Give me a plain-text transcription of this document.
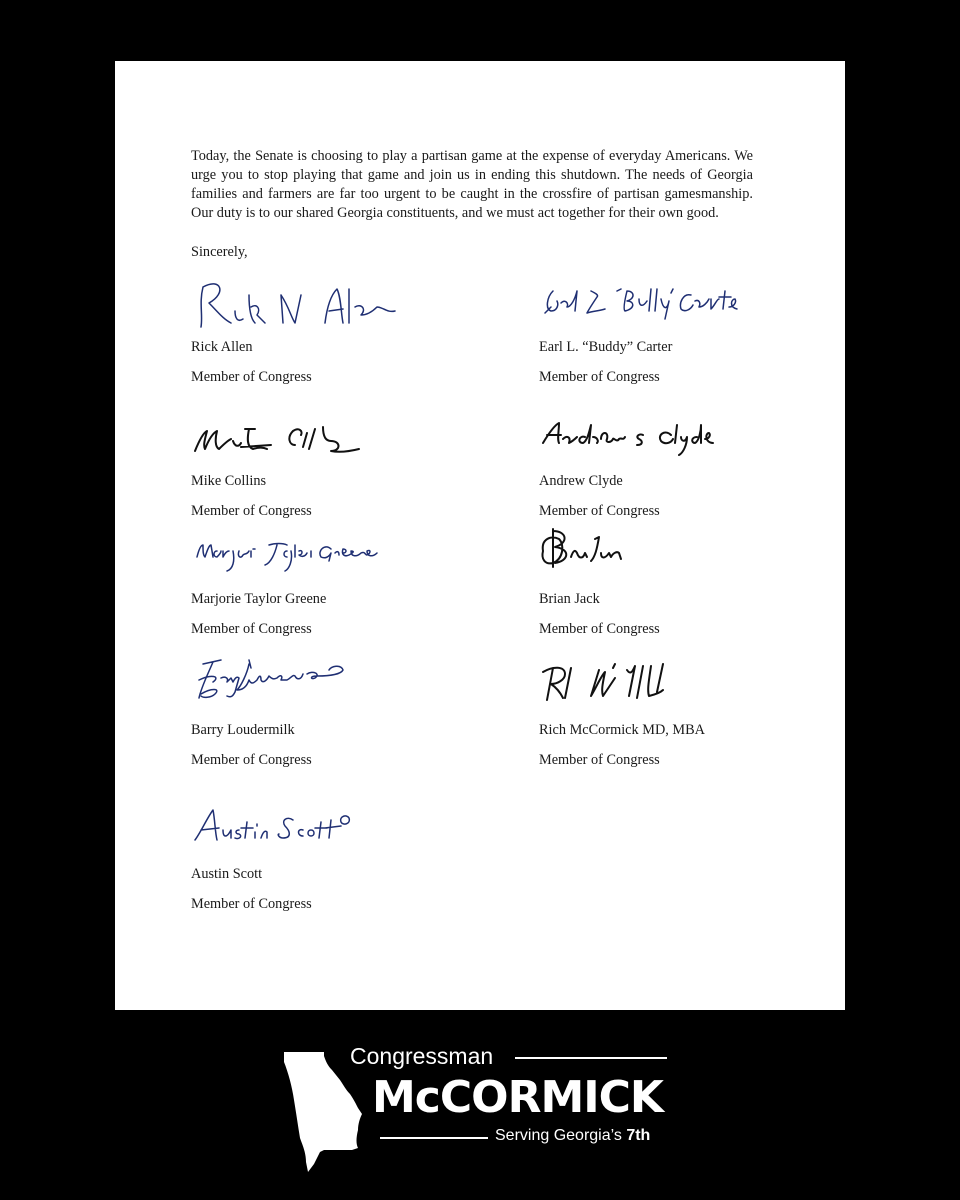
Today, the Senate is choosing to play a partisan game at the expense of everyday Americans. We urge you to stop playing that game and join us in ending this shutdown. The needs of Georgia families and farmers are far too urgent to be caught in the crossfire of partisan gamesmanship. Our duty is to our shared Georgia constituents, and we must act together for their own good.

Sincerely,
Rick Allen
Member of Congress
Earl L. “Buddy” Carter
Member of Congress
Mike Collins
Member of Congress
Andrew Clyde
Member of Congress
Marjorie Taylor Greene
Member of Congress
Brian Jack
Member of Congress
Barry Loudermilk
Member of Congress
Rich McCormick MD, MBA
Member of Congress
Austin Scott
Member of Congress
Congressman
McCORMICK
Serving Georgia’s 7th
